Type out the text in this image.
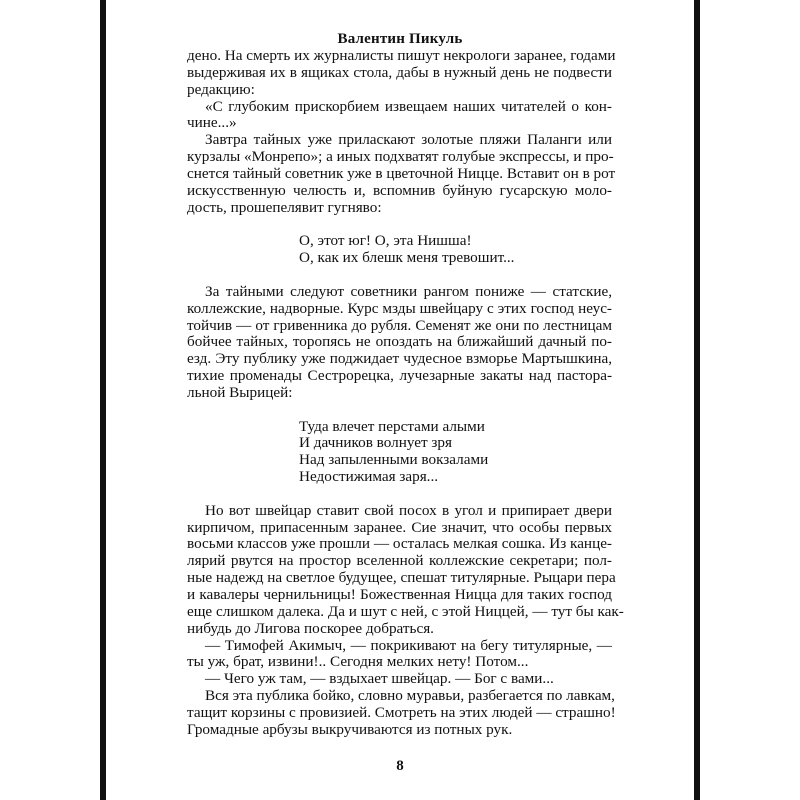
Валентин Пикуль
дено. На смерть их журналисты пишут некрологи заранее, годами
выдерживая их в ящиках стола, дабы в нужный день не подвести
редакцию:
«С глубоким прискорбием извещаем наших читателей о кон-
чине...»
Завтра тайных уже приласкают золотые пляжи Паланги или
курзалы «Монрепо»; а иных подхватят голубые экспрессы, и про-
снется тайный советник уже в цветочной Ницце. Вставит он в рот
искусственную челюсть и, вспомнив буйную гусарскую моло-
дость, прошепелявит гугняво:
О, этот юг! О, эта Нишша!
О, как их блешк меня тревошит...
За тайными следуют советники рангом пониже — статские,
коллежские, надворные. Курс мзды швейцару с этих господ неус-
тойчив — от гривенника до рубля. Семенят же они по лестницам
бойчее тайных, торопясь не опоздать на ближайший дачный по-
езд. Эту публику уже поджидает чудесное взморье Мартышкина,
тихие променады Сестрорецка, лучезарные закаты над пастора-
льной Вырицей:
Туда влечет перстами алыми
И дачников волнует зря
Над запыленными вокзалами
Недостижимая заря...
Но вот швейцар ставит свой посох в угол и припирает двери
кирпичом, припасенным заранее. Сие значит, что особы первых
восьми классов уже прошли — осталась мелкая сошка. Из канце-
лярий рвутся на простор вселенной коллежские секретари; пол-
ные надежд на светлое будущее, спешат титулярные. Рыцари пера
и кавалеры чернильницы! Божественная Ницца для таких господ
еще слишком далека. Да и шут с ней, с этой Ниццей, — тут бы как-
нибудь до Лигова поскорее добраться.
— Тимофей Акимыч, — покрикивают на бегу титулярные, —
ты уж, брат, извини!.. Сегодня мелких нету! Потом...
— Чего уж там, — вздыхает швейцар. — Бог с вами...
Вся эта публика бойко, словно муравьи, разбегается по лавкам,
тащит корзины с провизией. Смотреть на этих людей — страшно!
Громадные арбузы выкручиваются из потных рук.
8
